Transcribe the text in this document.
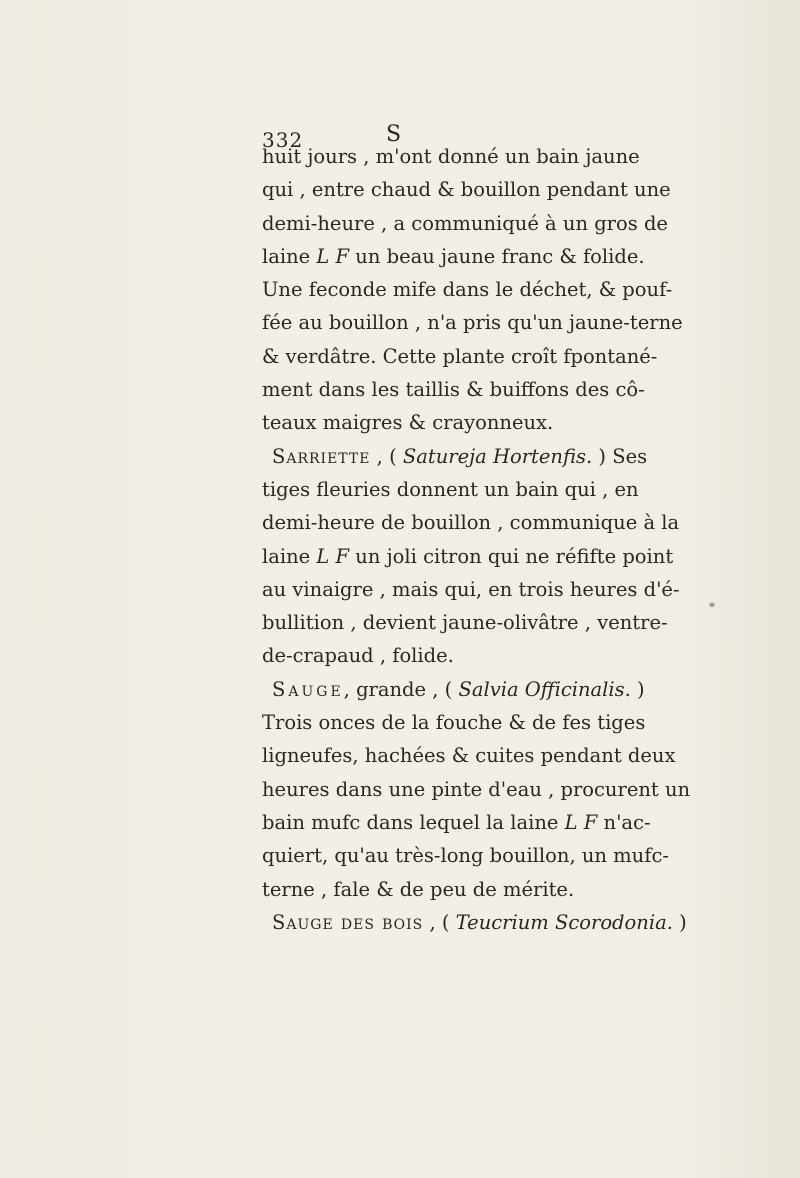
332	S
huit jours , m'ont donné un bain jaune
qui , entre chaud & bouillon pendant une
demi-heure , a communiqué à un gros de
laine L F un beau jaune franc & folide.
Une feconde mife dans le déchet, & pouf-
fée au bouillon , n'a pris qu'un jaune-terne
& verdâtre. Cette plante croît fpontané-
ment dans les taillis & buiffons des cô-
teaux maigres & crayonneux.
Sarriette , ( Satureja Hortenfis. ) Ses
tiges fleuries donnent un bain qui , en
demi-heure de bouillon , communique à la
laine L F un joli citron qui ne réfifte point
au vinaigre , mais qui, en trois heures d'é-
bullition , devient jaune-olivâtre , ventre-
de-crapaud , folide.
Sauge, grande , ( Salvia Officinalis. )
Trois onces de la fouche & de fes tiges
ligneufes, hachées & cuites pendant deux
heures dans une pinte d'eau , procurent un
bain mufc dans lequel la laine L F n'ac-
quiert, qu'au très-long bouillon, un mufc-
terne , fale & de peu de mérite.
Sauge des bois , ( Teucrium Scorodonia. )
*
